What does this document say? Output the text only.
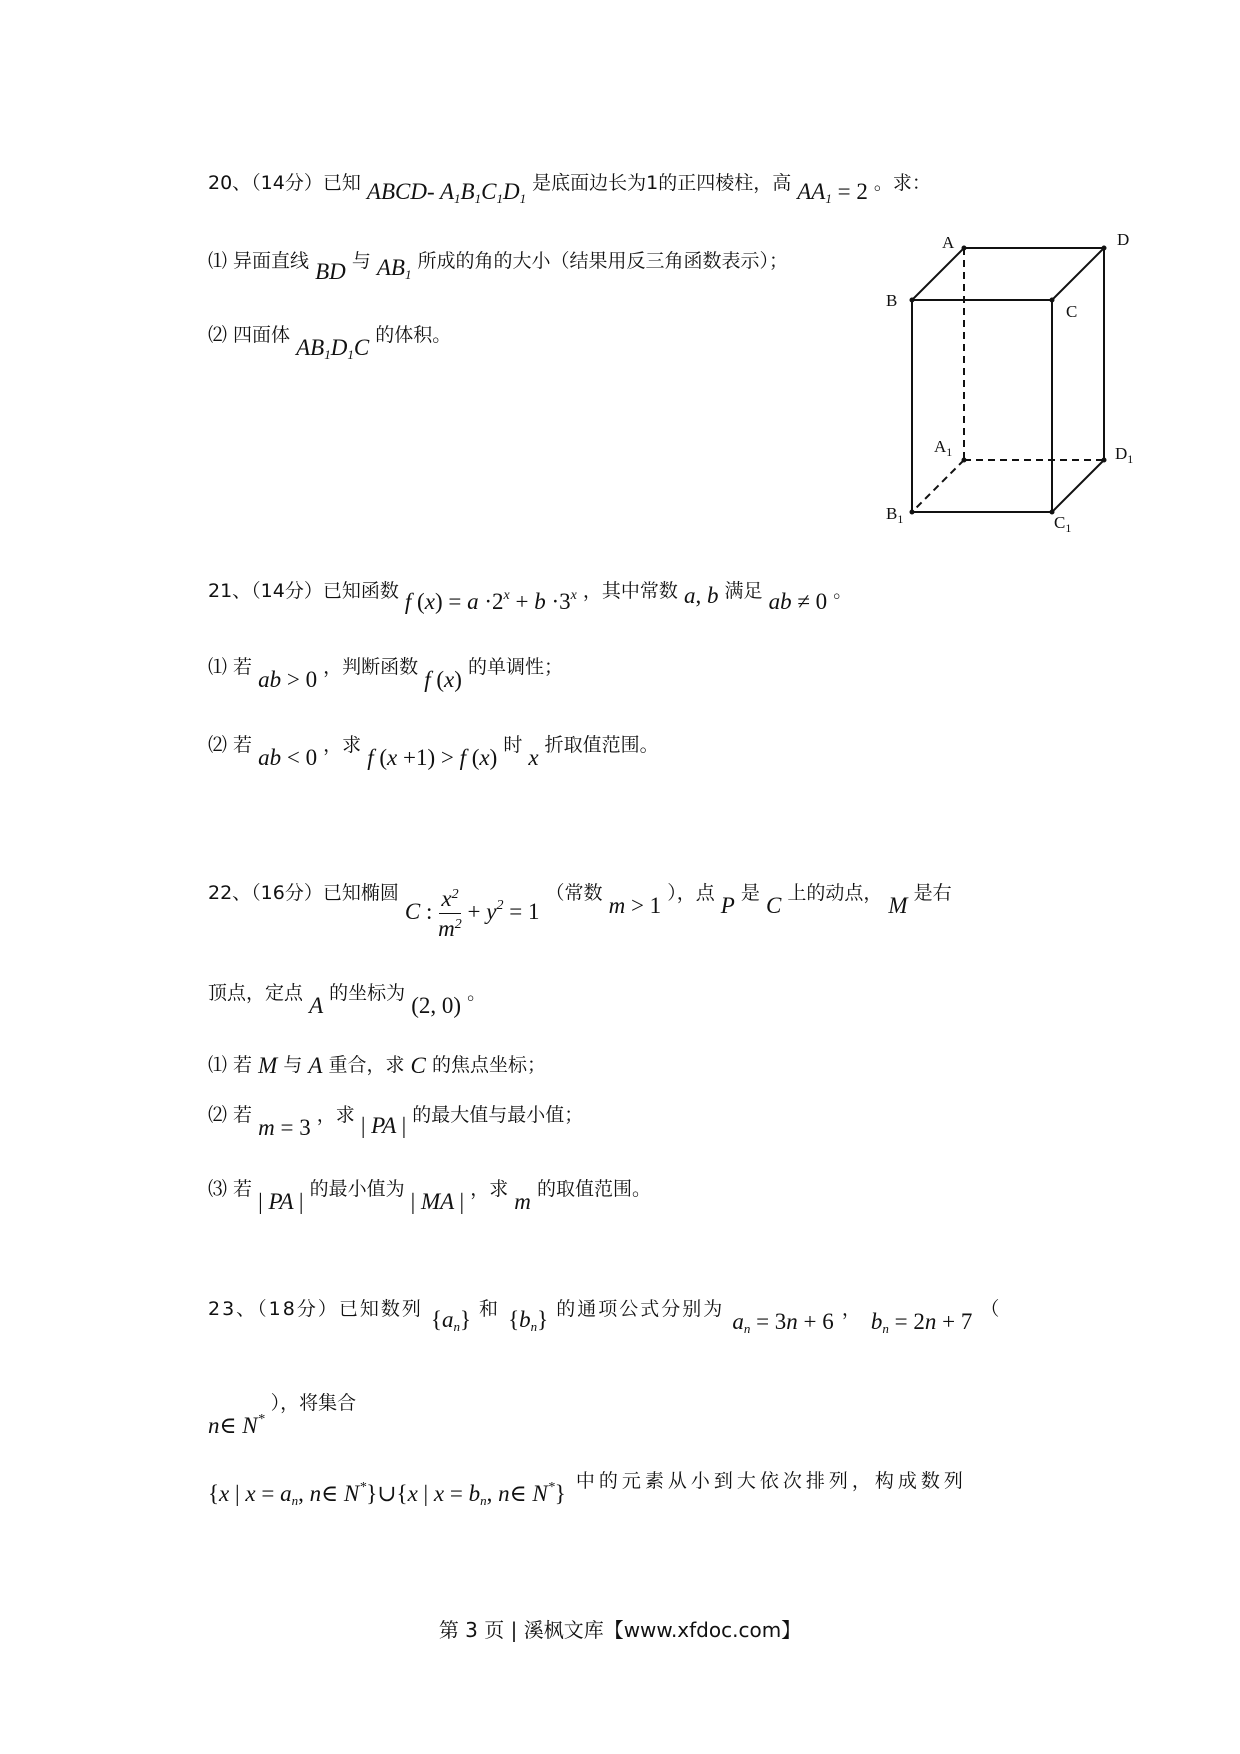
20、（14分）已知 ABCD- A1B1C1D1 是底面边长为1的正四棱柱，高 AA1 = 2 。求：
⑴ 异面直线 BD 与 AB1 所成的角的大小（结果用反三角函数表示）；
⑵ 四面体 AB1D1C 的体积。
A	D
B
C
$A_1$	$D_1$
$B_1$	$C_1$
21、（14分）已知函数 f $(x) = a \cdot 2^x + b \cdot 3^x$ ，其中常数 a, b 满足 ab ≠ 0 。
⑴ 若 ab > 0 ，判断函数 f (x) 的单调性；
⑵ 若 ab < 0 ，求 f (x +1) > f (x) 时 x 折取值范围。
22、（16分）已知椭圆 C : $\frac{x^2}{m^2} + y^2 = 1$ （常数 m > 1 ），点 P 是 C 上的动点， M 是右
顶点，定点 A 的坐标为 (2, 0) 。
⑴ 若 M 与 A 重合，求 C 的焦点坐标；
⑵ 若 m = 3 ，求 | PA | 的最大值与最小值；
⑶ 若 | PA | 的最小值为 | MA | ，求 m 的取值范围。
23、（18分）已知数列 {an} 和 {bn} 的通项公式分别为 an = 3n + 6 ， bn = 2n + 7 （
n∈ N* ），将集合
{x | x = an, n∈ N*}∪{x | x = bn, n∈ N*} 中的元素从小到大依次排列，构成数列
第 3 页 | 溪枫文库【www.xfdoc.com】
